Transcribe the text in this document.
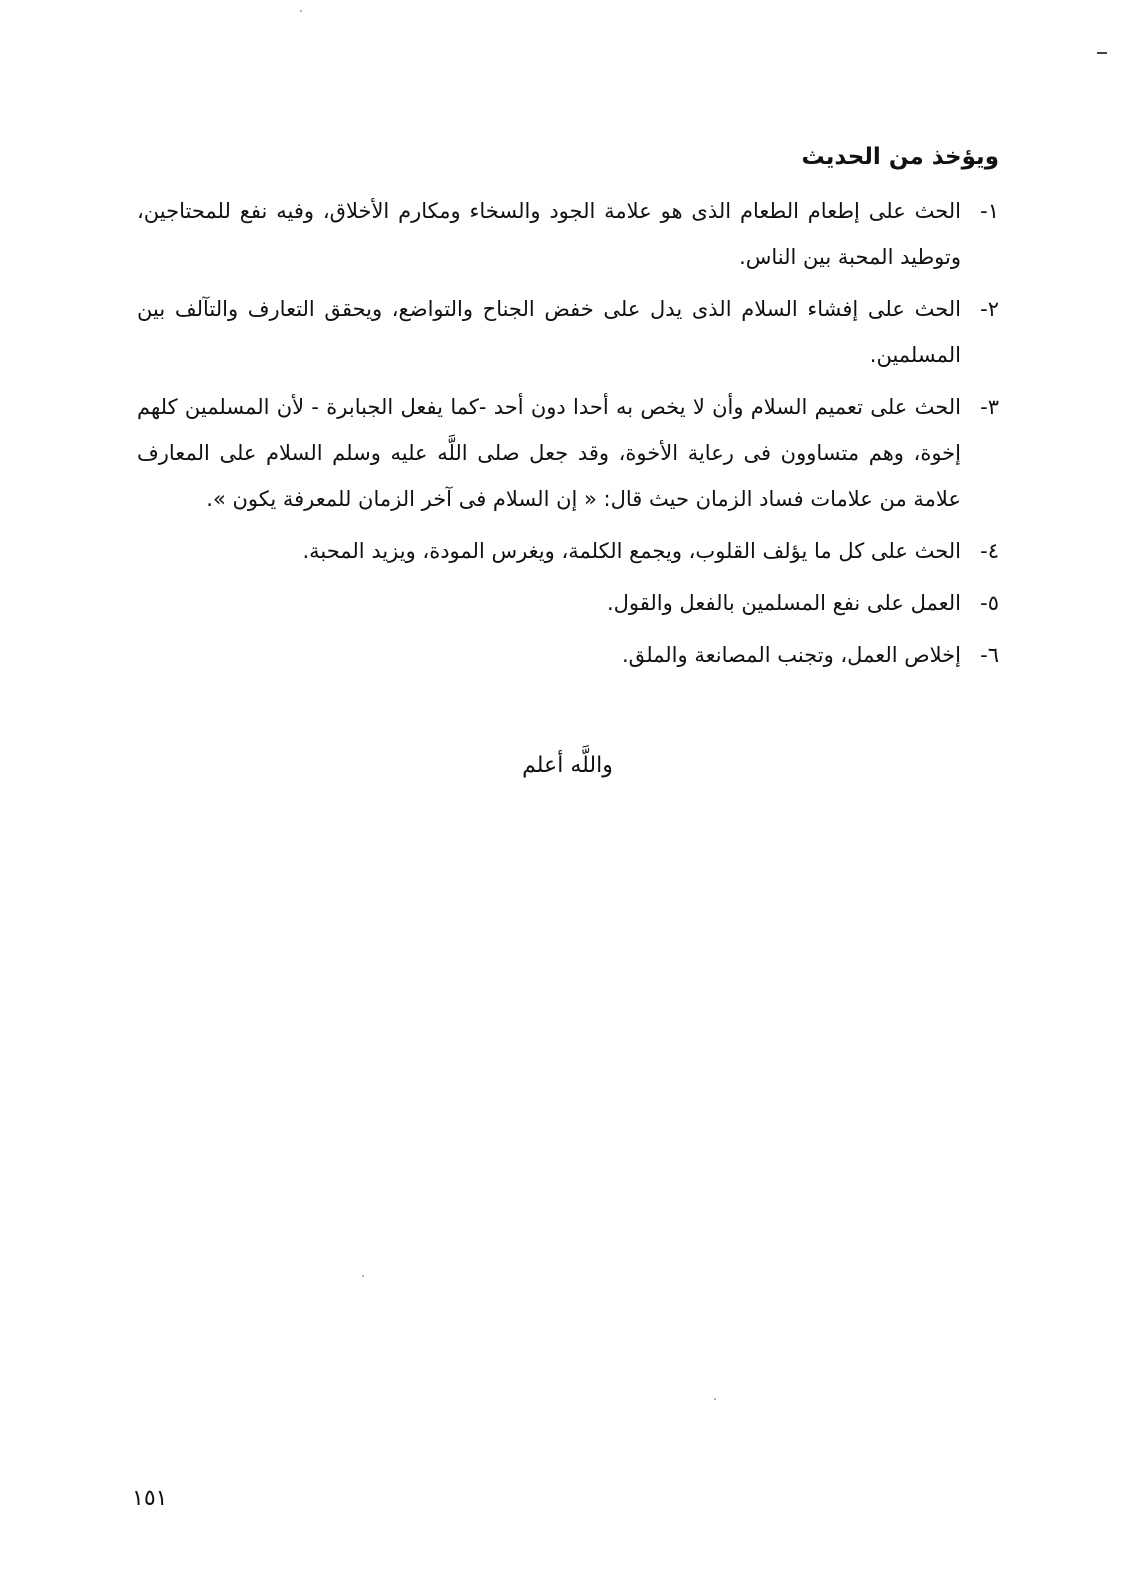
ويؤخذ من الحديث
١-الحث على إطعام الطعام الذى هو علامة الجود والسخاء ومكارم الأخلاق، وفيه نفع للمحتاجين، وتوطيد المحبة بين الناس.
٢-الحث على إفشاء السلام الذى يدل على خفض الجناح والتواضع، ويحقق التعارف والتآلف بين المسلمين.
٣-الحث على تعميم السلام وأن لا يخص به أحدا دون أحد -كما يفعل الجبابرة - لأن المسلمين كلهم إخوة، وهم متساوون فى رعاية الأخوة، وقد جعل صلى اللَّه عليه وسلم السلام على المعارف علامة من علامات فساد الزمان حيث قال: « إن السلام فى آخر الزمان للمعرفة يكون ».
٤-الحث على كل ما يؤلف القلوب، ويجمع الكلمة، ويغرس المودة، ويزيد المحبة.
٥-العمل على نفع المسلمين بالفعل والقول.
٦-إخلاص العمل، وتجنب المصانعة والملق.
واللَّه أعلم
١٥١
